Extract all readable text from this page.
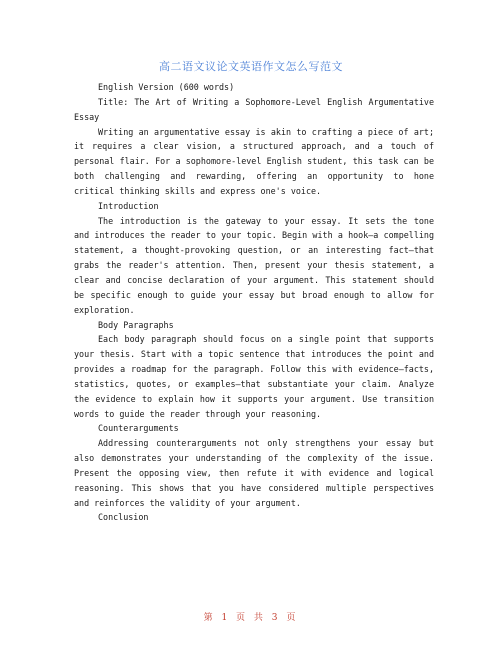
高二语文议论文英语作文怎么写范文

English Version (600 words)

Title: The Art of Writing a Sophomore-Level English Argumentative Essay

Writing an argumentative essay is akin to crafting a piece of art; it requires a clear vision, a structured approach, and a touch of personal flair. For a sophomore-level English student, this task can be both challenging and rewarding, offering an opportunity to hone critical thinking skills and express one's voice.

Introduction

The introduction is the gateway to your essay. It sets the tone and introduces the reader to your topic. Begin with a hook—a compelling statement, a thought-provoking question, or an interesting fact—that grabs the reader's attention. Then, present your thesis statement, a clear and concise declaration of your argument. This statement should be specific enough to guide your essay but broad enough to allow for exploration.

Body Paragraphs

Each body paragraph should focus on a single point that supports your thesis. Start with a topic sentence that introduces the point and provides a roadmap for the paragraph. Follow this with evidence—facts, statistics, quotes, or examples—that substantiate your claim. Analyze the evidence to explain how it supports your argument. Use transition words to guide the reader through your reasoning.

Counterarguments

Addressing counterarguments not only strengthens your essay but also demonstrates your understanding of the complexity of the issue. Present the opposing view, then refute it with evidence and logical reasoning. This shows that you have considered multiple perspectives and reinforces the validity of your argument.

Conclusion

第 1 页 共 3 页
